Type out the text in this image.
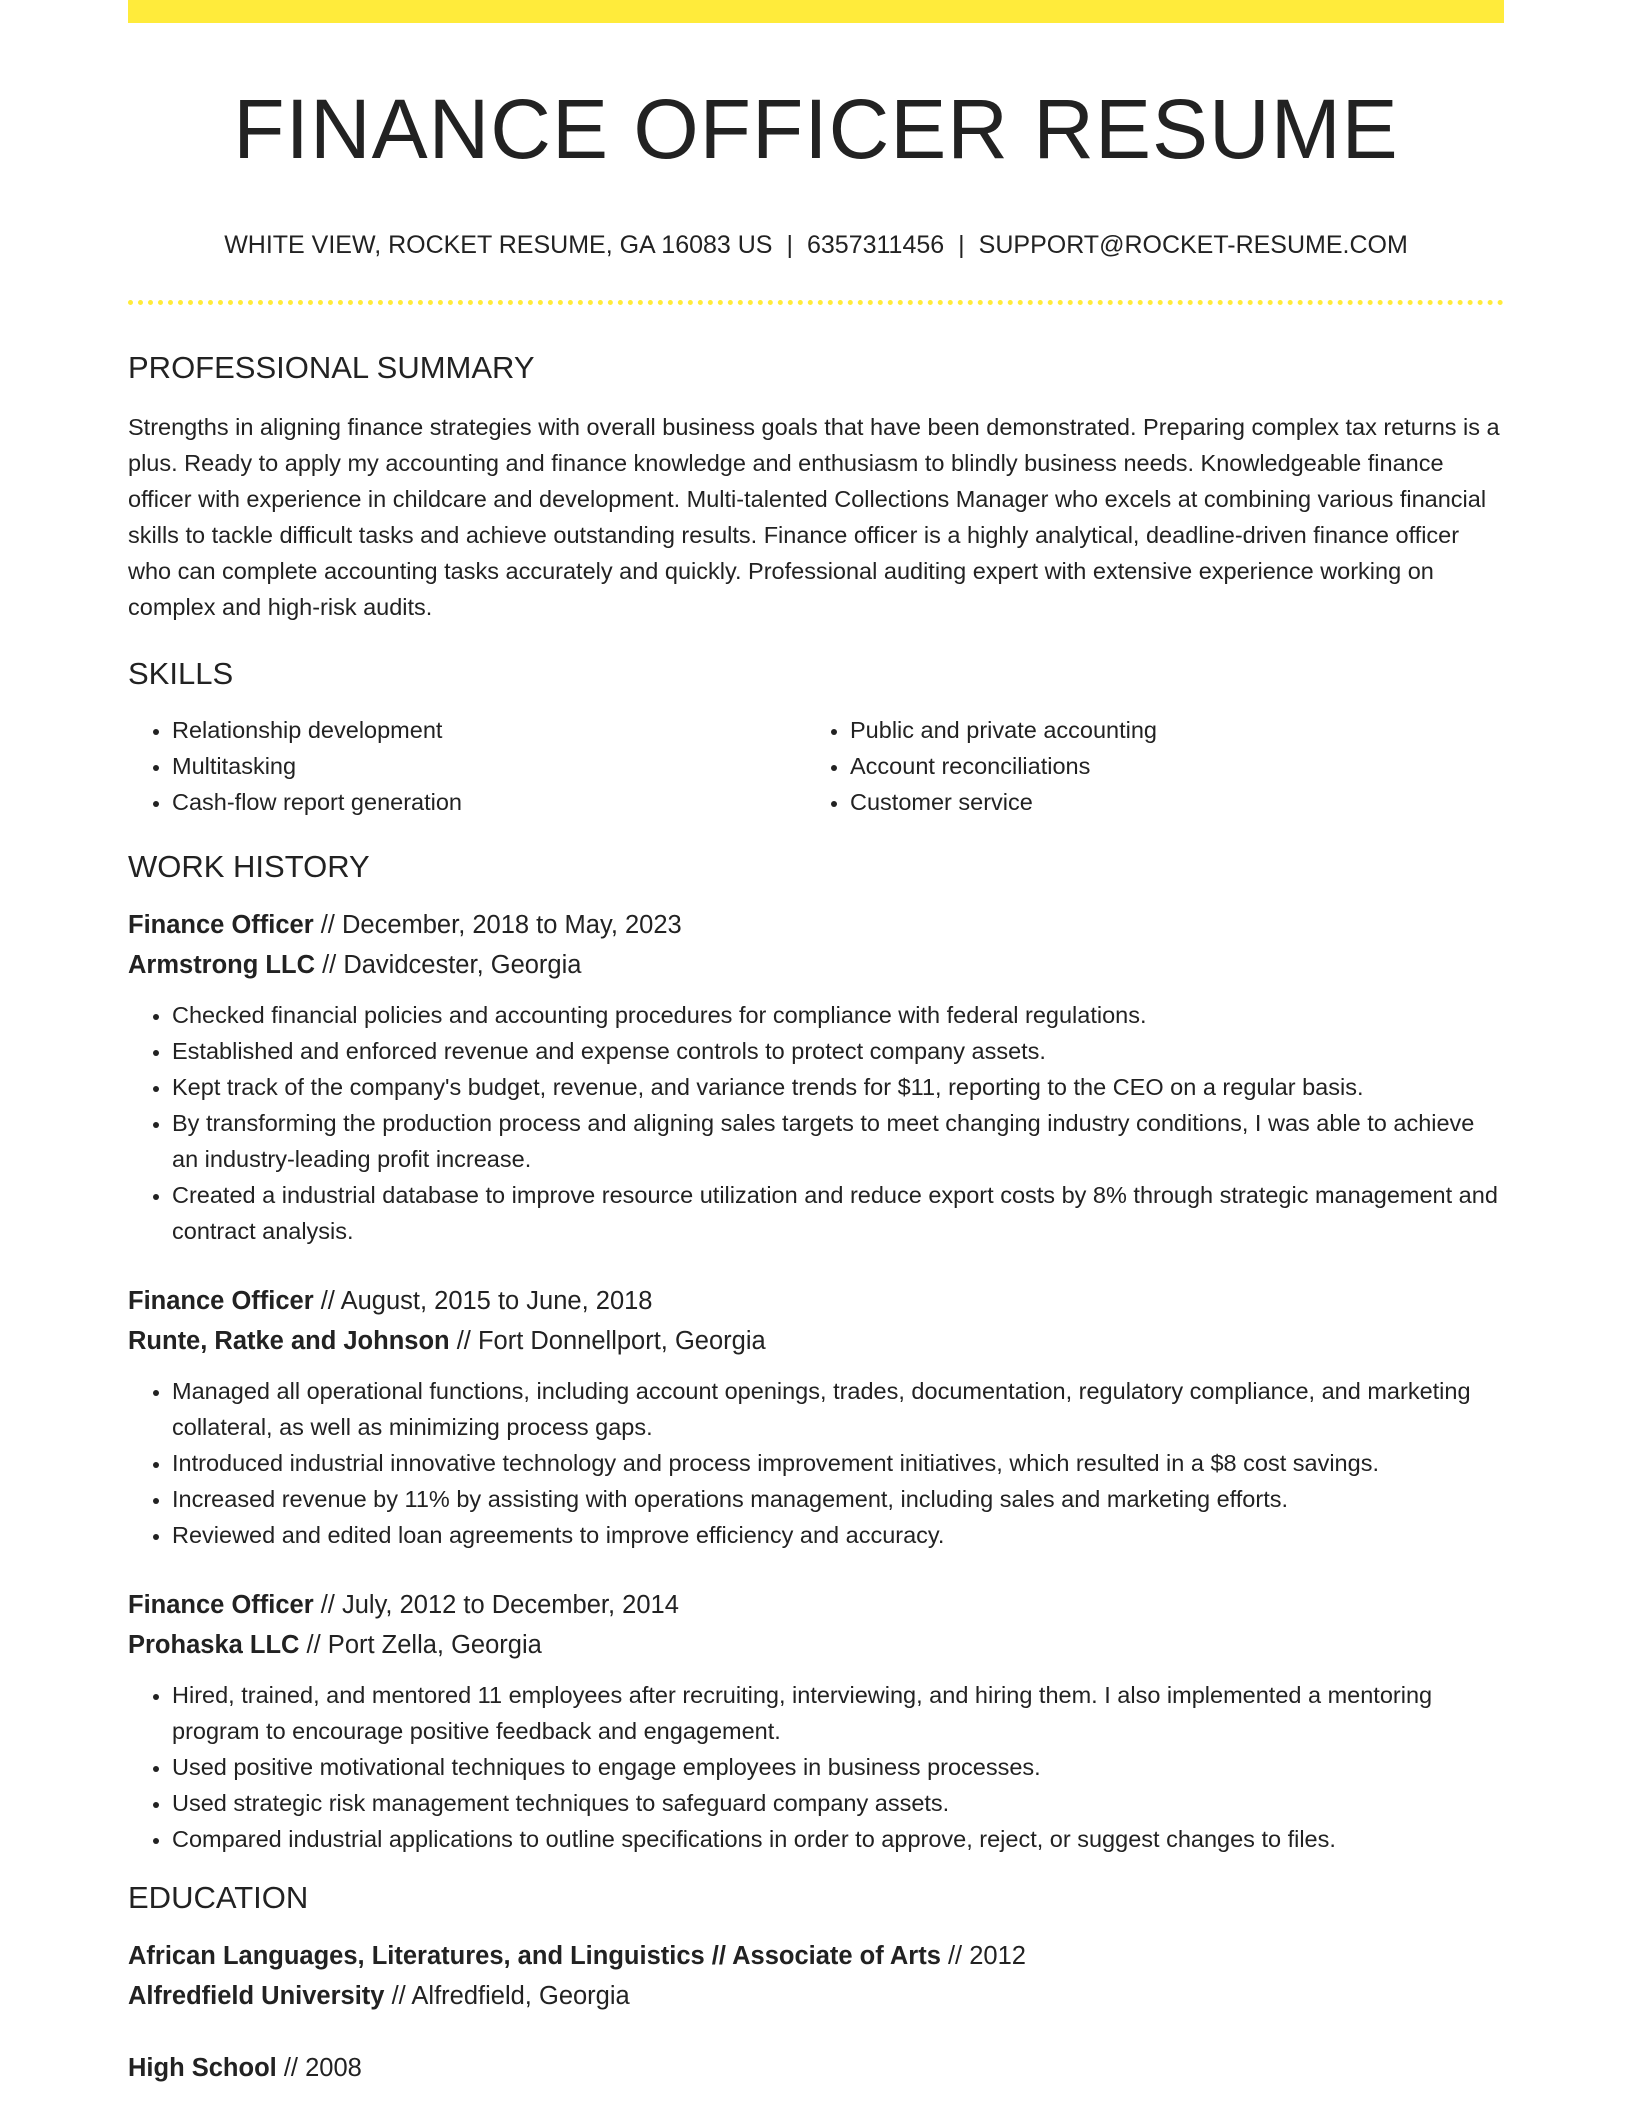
FINANCE OFFICER RESUME
WHITE VIEW, ROCKET RESUME, GA 16083 US | 6357311456 | SUPPORT@ROCKET-RESUME.COM
PROFESSIONAL SUMMARY

Strengths in aligning finance strategies with overall business goals that have been demonstrated. Preparing complex tax returns is a plus. Ready to apply my accounting and finance knowledge and enthusiasm to blindly business needs. Knowledgeable finance officer with experience in childcare and development. Multi-talented Collections Manager who excels at combining various financial skills to tackle difficult tasks and achieve outstanding results. Finance officer is a highly analytical, deadline-driven finance officer who can complete accounting tasks accurately and quickly. Professional auditing expert with extensive experience working on complex and high-risk audits.

SKILLS
• Relationship development
• Multitasking
• Cash-flow report generation
• Public and private accounting
• Account reconciliations
• Customer service
WORK HISTORY
Finance Officer // December, 2018 to May, 2023
Armstrong LLC // Davidcester, Georgia
• Checked financial policies and accounting procedures for compliance with federal regulations.
• Established and enforced revenue and expense controls to protect company assets.
• Kept track of the company's budget, revenue, and variance trends for $11, reporting to the CEO on a regular basis.
• By transforming the production process and aligning sales targets to meet changing industry conditions, I was able to achieve an industry-leading profit increase.
• Created a industrial database to improve resource utilization and reduce export costs by 8% through strategic management and contract analysis.
Finance Officer // August, 2015 to June, 2018
Runte, Ratke and Johnson // Fort Donnellport, Georgia
• Managed all operational functions, including account openings, trades, documentation, regulatory compliance, and marketing collateral, as well as minimizing process gaps.
• Introduced industrial innovative technology and process improvement initiatives, which resulted in a $8 cost savings.
• Increased revenue by 11% by assisting with operations management, including sales and marketing efforts.
• Reviewed and edited loan agreements to improve efficiency and accuracy.
Finance Officer // July, 2012 to December, 2014
Prohaska LLC // Port Zella, Georgia
• Hired, trained, and mentored 11 employees after recruiting, interviewing, and hiring them. I also implemented a mentoring program to encourage positive feedback and engagement.
• Used positive motivational techniques to engage employees in business processes.
• Used strategic risk management techniques to safeguard company assets.
• Compared industrial applications to outline specifications in order to approve, reject, or suggest changes to files.
EDUCATION
African Languages, Literatures, and Linguistics // Associate of Arts // 2012
Alfredfield University // Alfredfield, Georgia
High School // 2008
